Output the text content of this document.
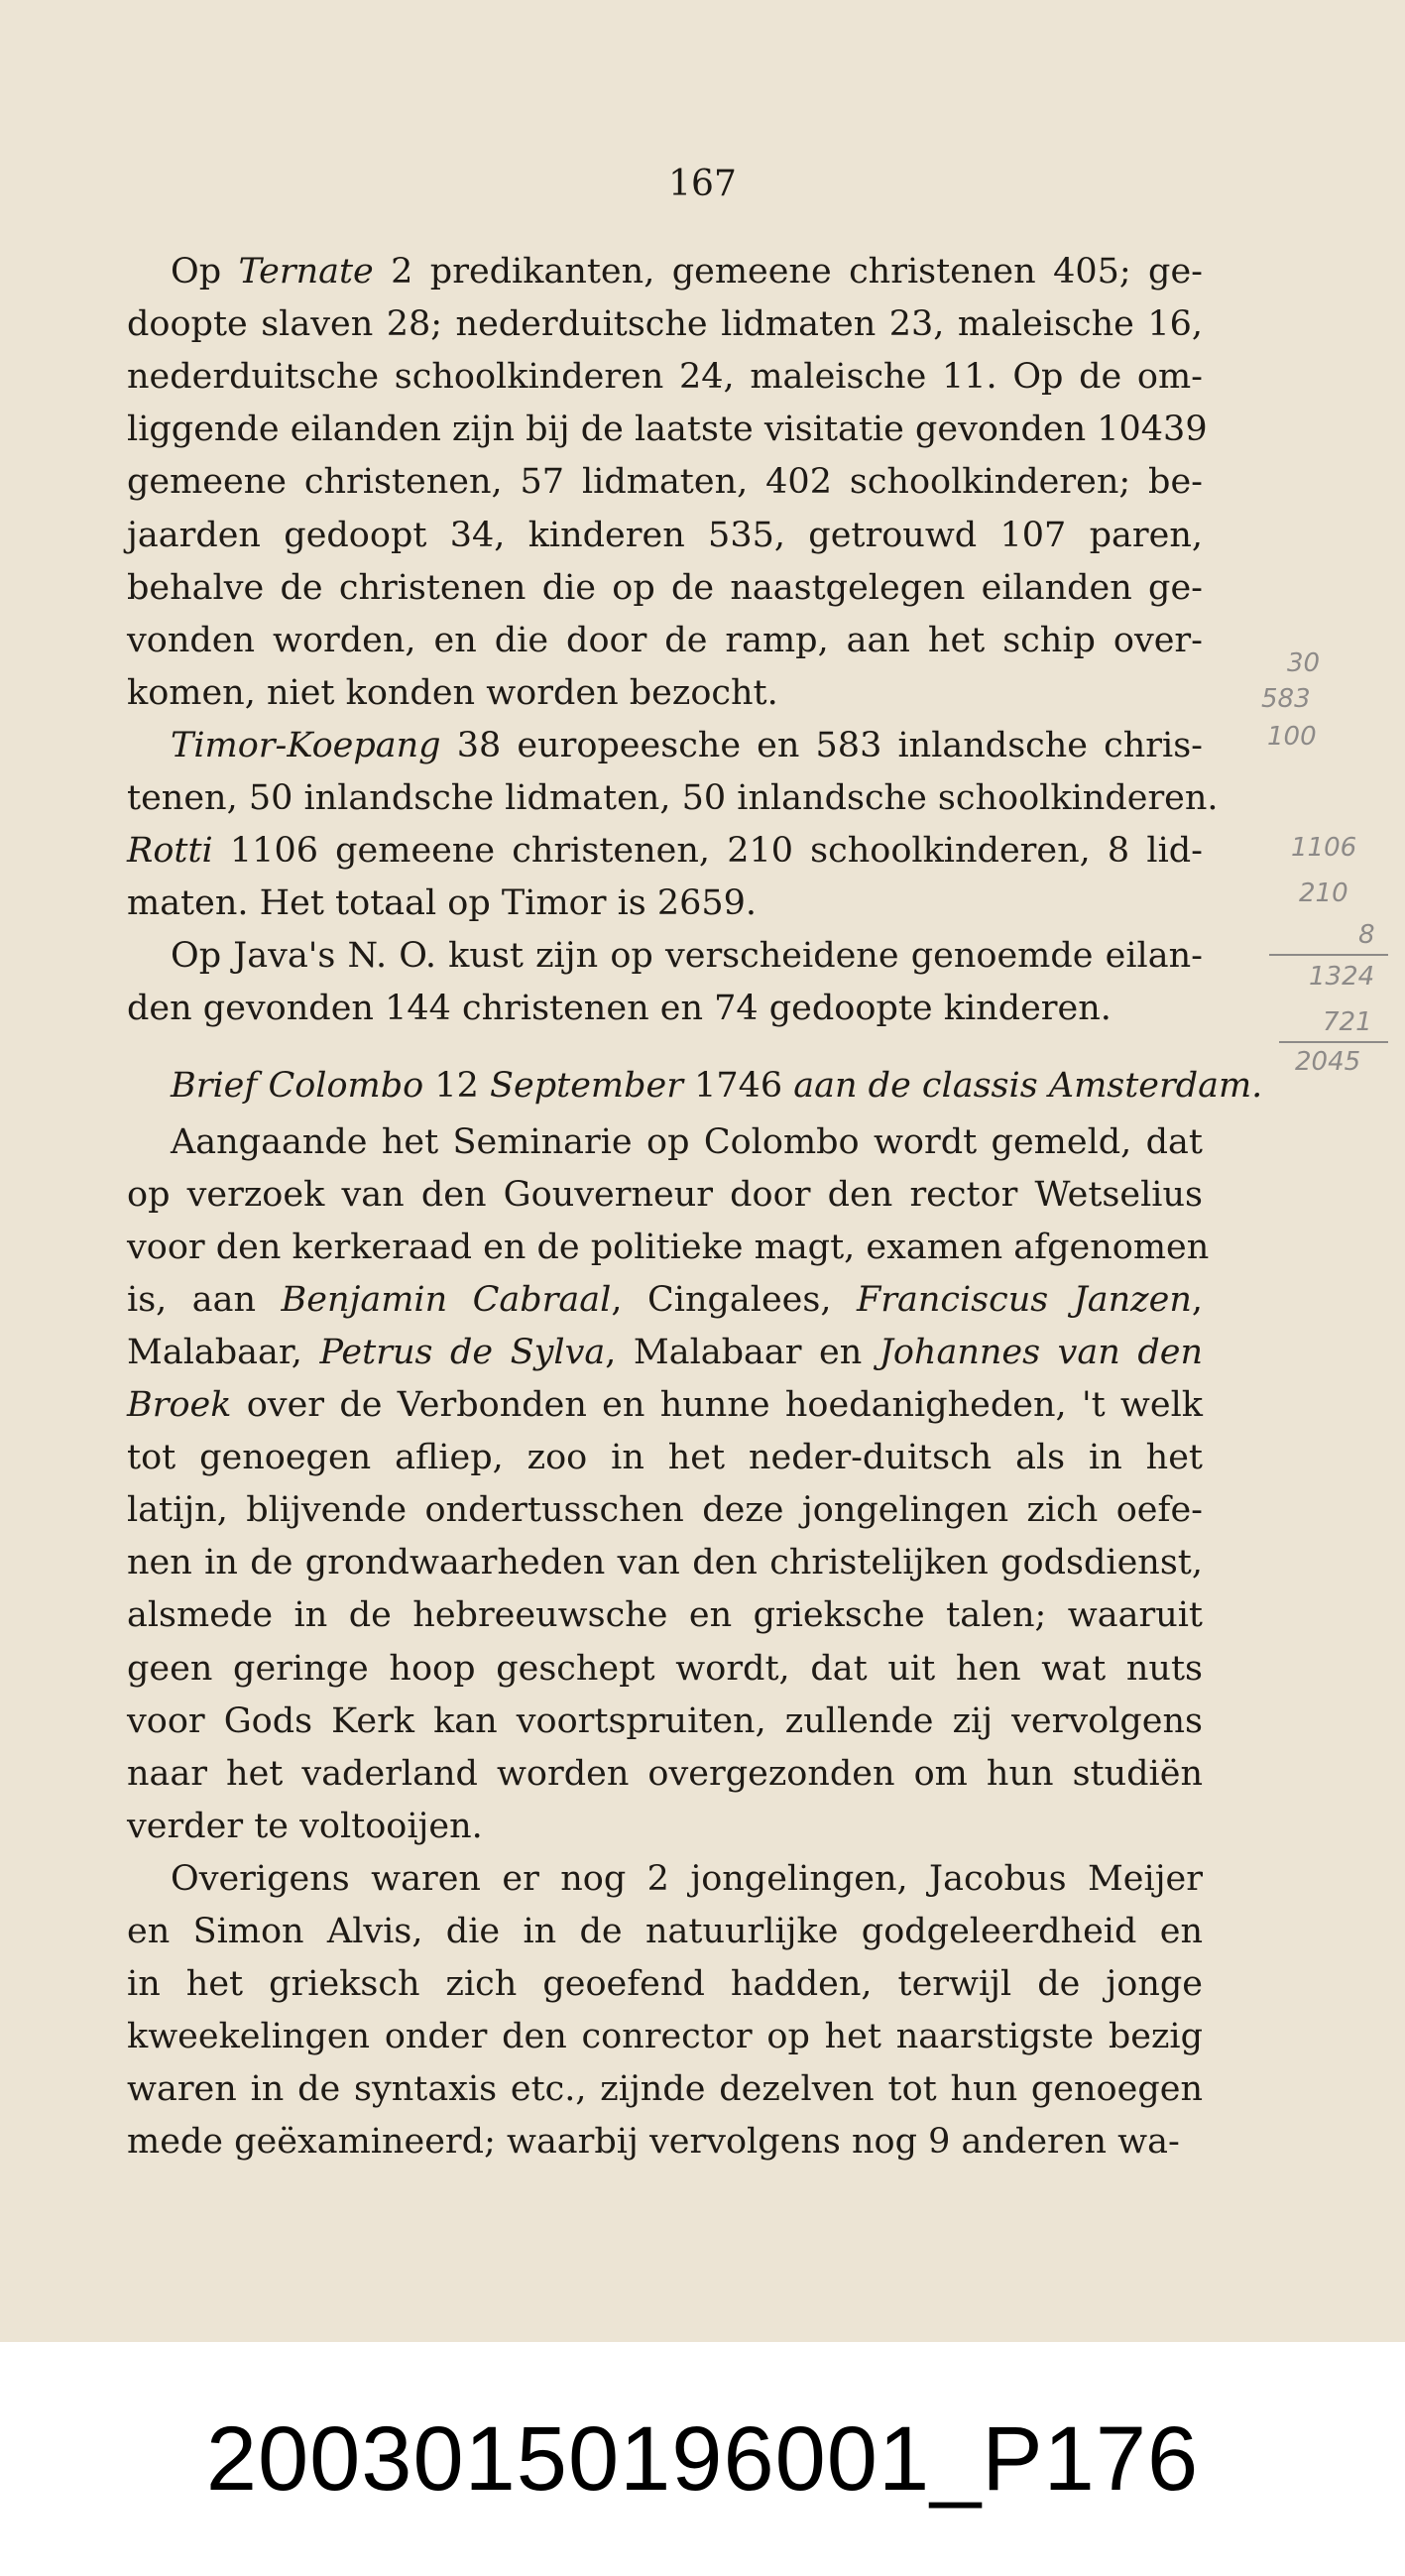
167
Op Ternate 2 predikanten, gemeene christenen 405; ge-
doopte slaven 28; nederduitsche lidmaten 23, maleische 16,
nederduitsche schoolkinderen 24, maleische 11. Op de om-
liggende eilanden zijn bij de laatste visitatie gevonden 10439
gemeene christenen, 57 lidmaten, 402 schoolkinderen; be-
jaarden gedoopt 34, kinderen 535, getrouwd 107 paren,
behalve de christenen die op de naastgelegen eilanden ge-
vonden worden, en die door de ramp, aan het schip over-
komen, niet konden worden bezocht.
Timor-Koepang 38 europeesche en 583 inlandsche chris-
tenen, 50 inlandsche lidmaten, 50 inlandsche schoolkinderen.
Rotti 1106 gemeene christenen, 210 schoolkinderen, 8 lid-
maten. Het totaal op Timor is 2659.
Op Java's N. O. kust zijn op verscheidene genoemde eilan-
den gevonden 144 christenen en 74 gedoopte kinderen.
Brief Colombo 12 September 1746 aan de classis Amsterdam.
Aangaande het Seminarie op Colombo wordt gemeld, dat
op verzoek van den Gouverneur door den rector Wetselius
voor den kerkeraad en de politieke magt, examen afgenomen
is, aan Benjamin Cabraal, Cingalees, Franciscus Janzen,
Malabaar, Petrus de Sylva, Malabaar en Johannes van den
Broek over de Verbonden en hunne hoedanigheden, 't welk
tot genoegen afliep, zoo in het neder-duitsch als in het
latijn, blijvende ondertusschen deze jongelingen zich oefe-
nen in de grondwaarheden van den christelijken godsdienst,
alsmede in de hebreeuwsche en grieksche talen; waaruit
geen geringe hoop geschept wordt, dat uit hen wat nuts
voor Gods Kerk kan voortspruiten, zullende zij vervolgens
naar het vaderland worden overgezonden om hun studiën
verder te voltooijen.
Overigens waren er nog 2 jongelingen, Jacobus Meijer
en Simon Alvis, die in de natuurlijke godgeleerdheid en
in het grieksch zich geoefend hadden, terwijl de jonge
kweekelingen onder den conrector op het naarstigste bezig
waren in de syntaxis etc., zijnde dezelven tot hun genoegen
mede geëxamineerd; waarbij vervolgens nog 9 anderen wa-
30
583
100
1106
210
8
1324
721
2045
20030150196001_P176
